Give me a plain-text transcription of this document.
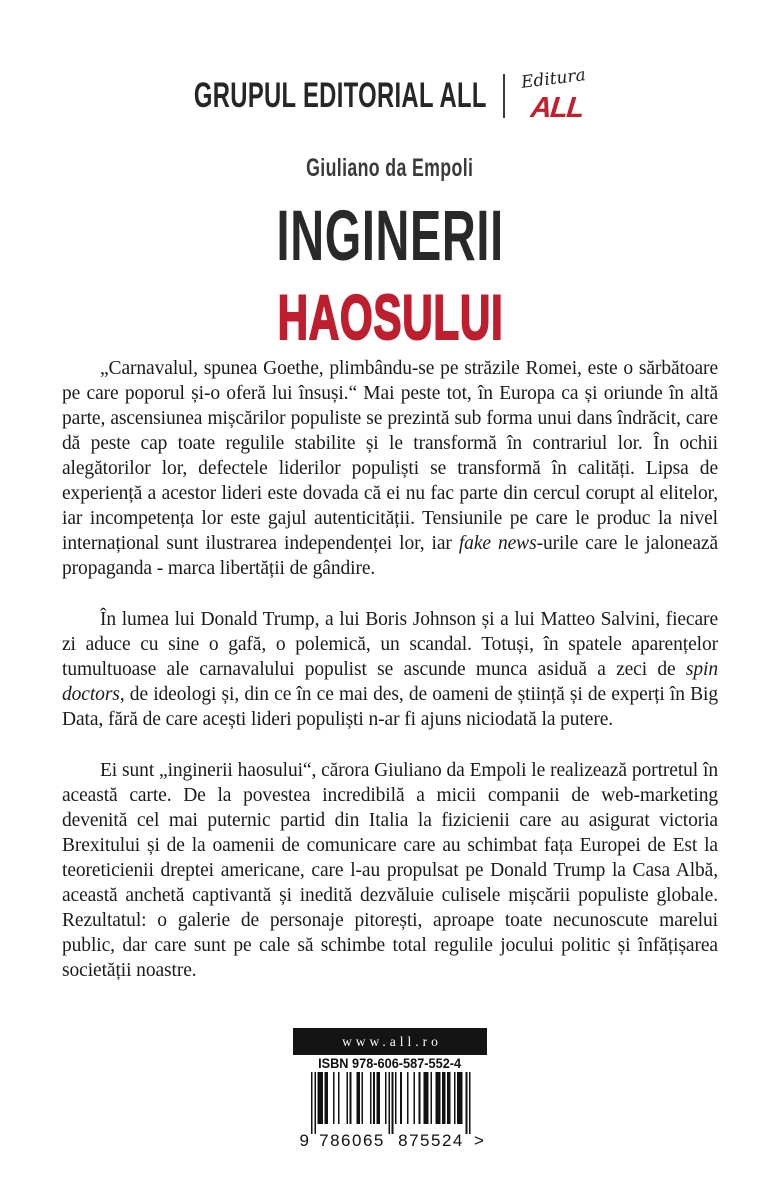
GRUPUL EDITORIAL ALL Editura
ALL
Giuliano da Empoli
INGINERII
HAOSULUI

„Carnavalul, spunea Goethe, plimbându-se pe străzile Romei, este o sărbătoare pe care poporul și-o oferă lui însuși.“ Mai peste tot, în Europa ca și oriunde în altă parte, ascensiunea mișcărilor populiste se prezintă sub forma unui dans îndrăcit, care dă peste cap toate regulile stabilite și le transformă în contrariul lor. În ochii alegătorilor lor, defectele liderilor populiști se transformă în calități. Lipsa de experiență a acestor lideri este dovada că ei nu fac parte din cercul corupt al elitelor, iar incompetența lor este gajul autenticității. Tensiunile pe care le produc la nivel internațional sunt ilustrarea independenței lor, iar fake news-urile care le jalonează propaganda - marca libertății de gândire.

În lumea lui Donald Trump, a lui Boris Johnson și a lui Matteo Salvini, fiecare zi aduce cu sine o gafă, o polemică, un scandal. Totuși, în spatele aparențelor tumultuoase ale carnavalului populist se ascunde munca asiduă a zeci de spin doctors, de ideologi și, din ce în ce mai des, de oameni de știință și de experți în Big Data, fără de care acești lideri populiști n-ar fi ajuns niciodată la putere.

Ei sunt „inginerii haosului“, cărora Giuliano da Empoli le realizează portretul în această carte. De la povestea incredibilă a micii companii de web-marketing devenită cel mai puternic partid din Italia la fizicienii care au asigurat victoria Brexitului și de la oamenii de comunicare care au schimbat fața Europei de Est la teoreticienii dreptei americane, care l-au propulsat pe Donald Trump la Casa Albă, această anchetă captivantă și inedită dezvăluie culisele mișcării populiste globale. Rezultatul: o galerie de personaje pitorești, aproape toate necunoscute marelui public, dar care sunt pe cale să schimbe total regulile jocului politic și înfățișarea societății noastre.

www.all.ro
ISBN 978-606-587-552-4
9 786065 875524 >
